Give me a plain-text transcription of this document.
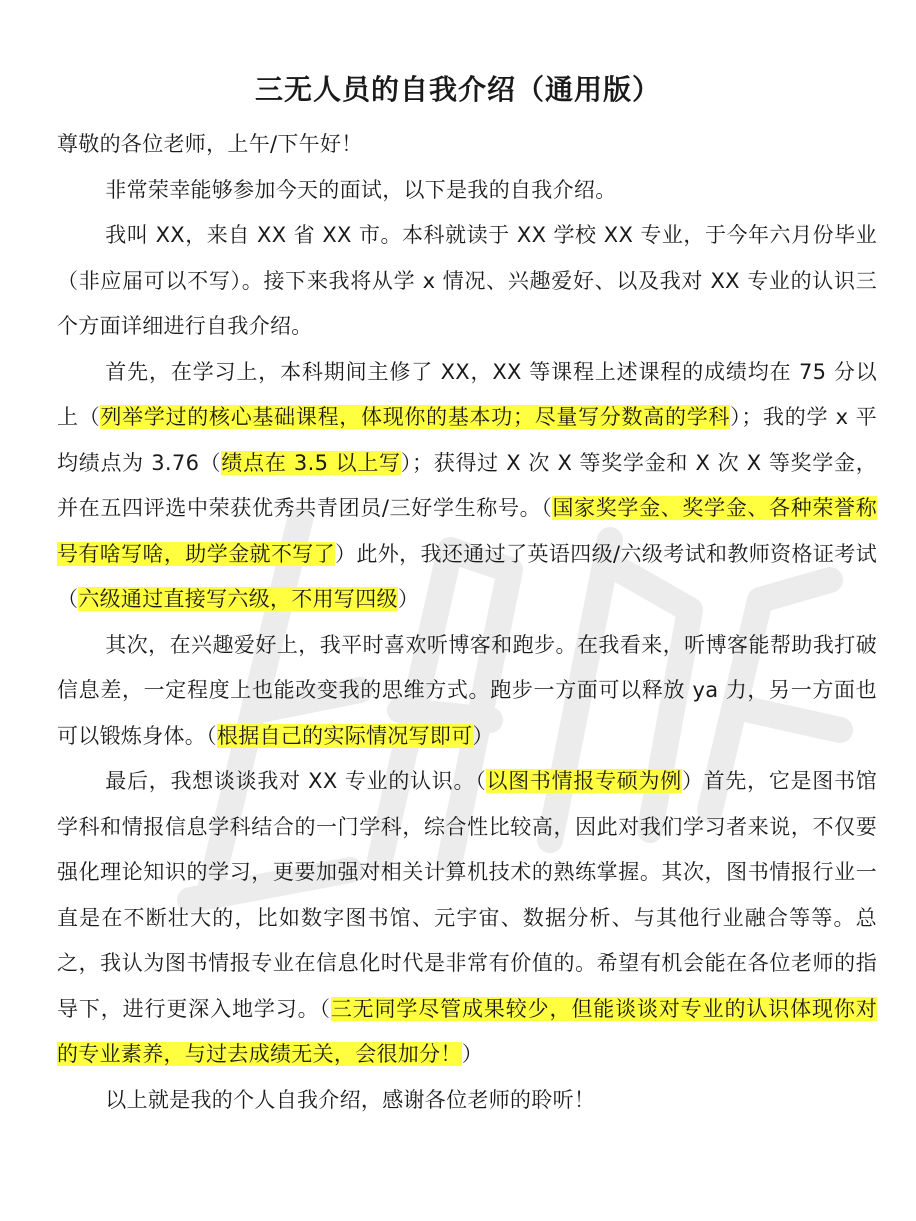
三无人员的自我介绍（通用版）

尊敬的各位老师，上午/下午好！

非常荣幸能够参加今天的面试，以下是我的自我介绍。

我叫 XX，来自 XX 省 XX 市。本科就读于 XX 学校 XX 专业，于今年六月份毕业（非应届可以不写）。接下来我将从学 x 情况、兴趣爱好、以及我对 XX 专业的认识三个方面详细进行自我介绍。

首先，在学习上，本科期间主修了 XX，XX 等课程上述课程的成绩均在 75 分以上（列举学过的核心基础课程，体现你的基本功；尽量写分数高的学科）；我的学 x 平均绩点为 3.76（绩点在 3.5 以上写）；获得过 X 次 X 等奖学金和 X 次 X 等奖学金，并在五四评选中荣获优秀共青团员/三好学生称号。（国家奖学金、奖学金、各种荣誉称号有啥写啥，助学金就不写了）此外，我还通过了英语四级/六级考试和教师资格证考试（六级通过直接写六级，不用写四级）

其次，在兴趣爱好上，我平时喜欢听博客和跑步。在我看来，听博客能帮助我打破信息差，一定程度上也能改变我的思维方式。跑步一方面可以释放 ya 力，另一方面也可以锻炼身体。（根据自己的实际情况写即可）

最后，我想谈谈我对 XX 专业的认识。（以图书情报专硕为例）首先，它是图书馆学科和情报信息学科结合的一门学科，综合性比较高，因此对我们学习者来说，不仅要强化理论知识的学习，更要加强对相关计算机技术的熟练掌握。其次，图书情报行业一直是在不断壮大的，比如数字图书馆、元宇宙、数据分析、与其他行业融合等等。总之，我认为图书情报专业在信息化时代是非常有价值的。希望有机会能在各位老师的指导下，进行更深入地学习。（三无同学尽管成果较少，但能谈谈对专业的认识体现你对的专业素养，与过去成绩无关，会很加分！）

以上就是我的个人自我介绍，感谢各位老师的聆听！
